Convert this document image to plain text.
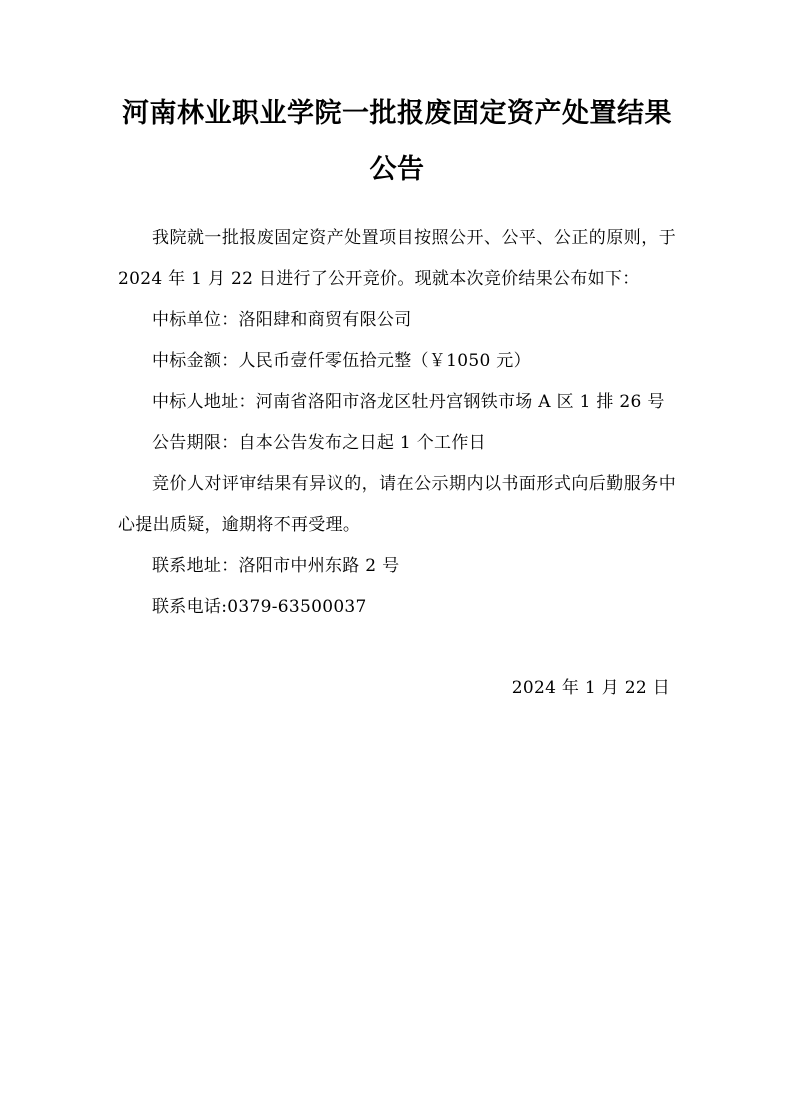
河南林业职业学院一批报废固定资产处置结果公告

我院就一批报废固定资产处置项目按照公开、公平、公正的原则，于 2024 年 1 月 22 日进行了公开竞价。现就本次竞价结果公布如下：

中标单位：洛阳肆和商贸有限公司

中标金额：人民币壹仟零伍拾元整（￥1050 元）

中标人地址：河南省洛阳市洛龙区牡丹宫钢铁市场 A 区 1 排 26 号

公告期限：自本公告发布之日起 1 个工作日

竞价人对评审结果有异议的，请在公示期内以书面形式向后勤服务中心提出质疑，逾期将不再受理。

联系地址：洛阳市中州东路 2 号

联系电话:0379-63500037

2024 年 1 月 22 日
